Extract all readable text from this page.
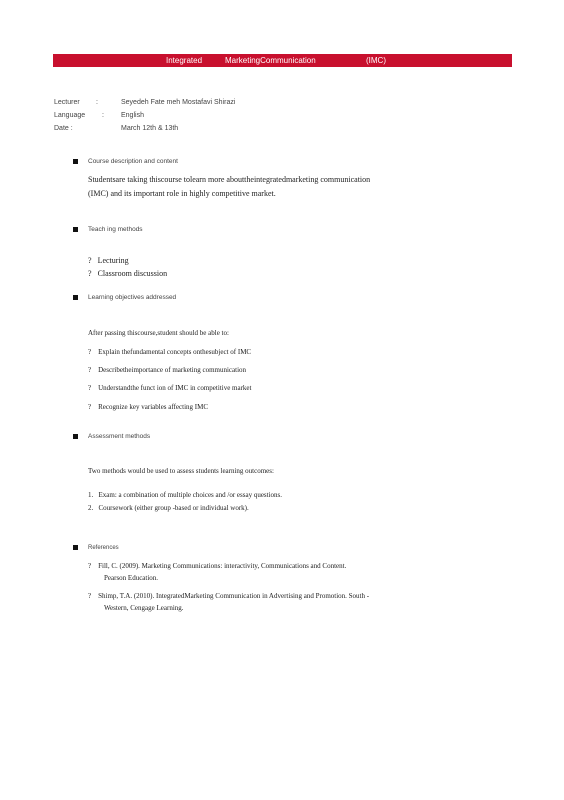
Integrated	MarketingCommunication	(IMC)
Lecturer :	Seyedeh Fate meh Mostafavi Shirazi
Language : English
Date :	March 12th & 13th
Course description and content
Studentsare taking thiscourse tolearn more abouttheintegratedmarketing communication
(IMC) and its important role in highly competitive market.
Teach ing methods
? Lecturing
? Classroom discussion
Learning objectives addressed
After passing thiscourse,student should be able to:
? Explain thefundamental concepts onthesubject of IMC
? Describetheimportance of marketing communication
? Understandthe funct ion of IMC in competitive market
? Recognize key variables affecting IMC
Assessment methods
Two methods would be used to assess students learning outcomes:
1. Exam: a combination of multiple choices and /or essay questions.
2. Coursework (either group -based or individual work).
References
? Fill, C. (2009). Marketing Communications: interactivity, Communications and Content.
Pearson Education.
? Shimp, T.A. (2010). IntegratedMarketing Communication in Advertising and Promotion. South -
Western, Cengage Learning.
